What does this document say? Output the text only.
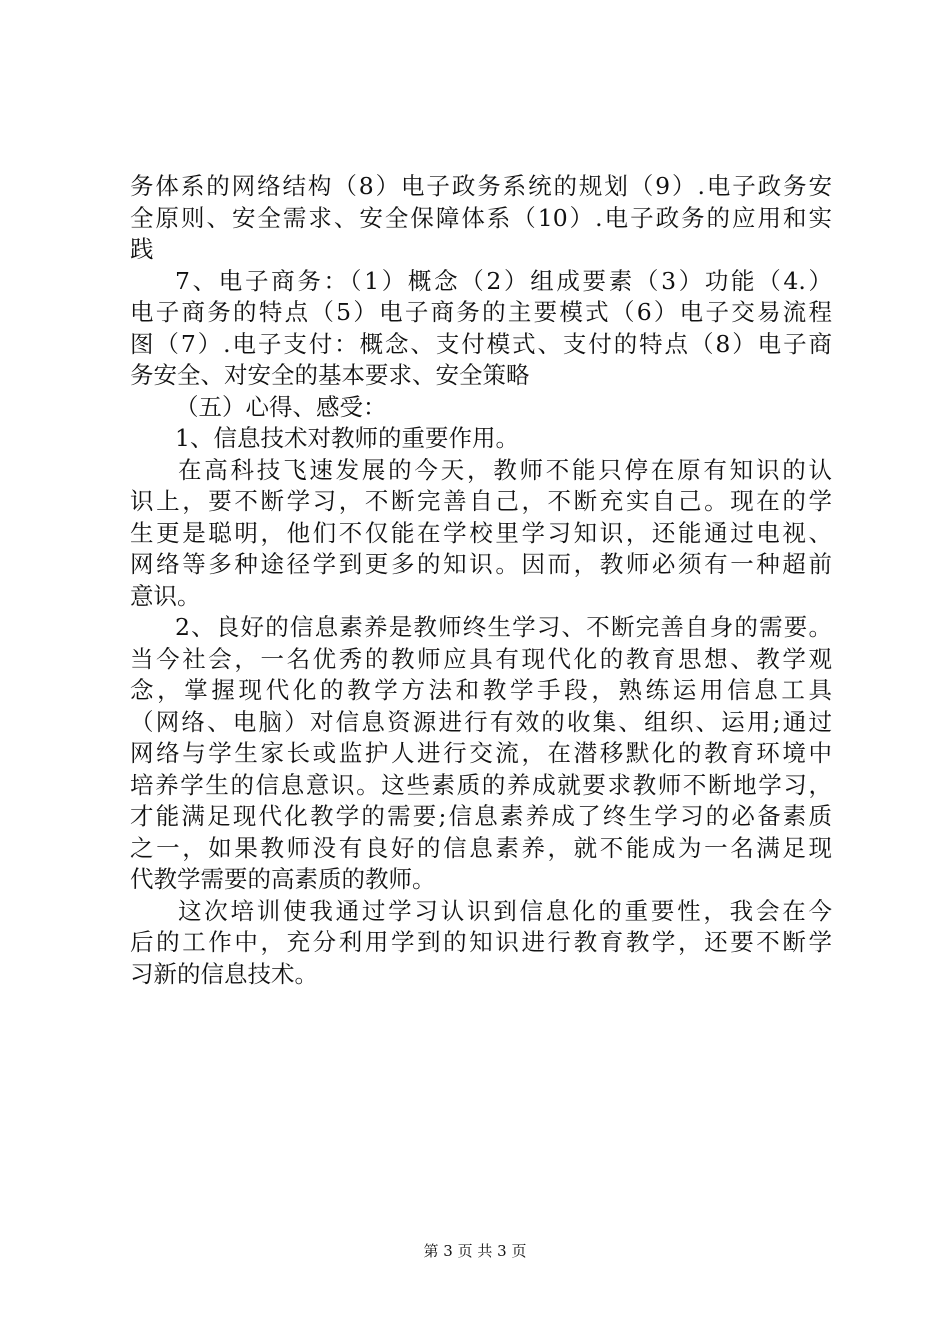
务体系的网络结构（8）电子政务系统的规划（9）.电子政务安
全原则、安全需求、安全保障体系（10）.电子政务的应用和实
践
7、电子商务：（1）概念（2）组成要素（3）功能（4.）
电子商务的特点（5）电子商务的主要模式（6）电子交易流程
图（7）.电子支付：概念、支付模式、支付的特点（8）电子商
务安全、对安全的基本要求、安全策略
（五）心得、感受：
1、信息技术对教师的重要作用。
在高科技飞速发展的今天，教师不能只停在原有知识的认
识上，要不断学习，不断完善自己，不断充实自己。现在的学
生更是聪明，他们不仅能在学校里学习知识，还能通过电视、
网络等多种途径学到更多的知识。因而，教师必须有一种超前
意识。
2、良好的信息素养是教师终生学习、不断完善自身的需要。
当今社会，一名优秀的教师应具有现代化的教育思想、教学观
念，掌握现代化的教学方法和教学手段，熟练运用信息工具
（网络、电脑）对信息资源进行有效的收集、组织、运用;通过
网络与学生家长或监护人进行交流，在潜移默化的教育环境中
培养学生的信息意识。这些素质的养成就要求教师不断地学习，
才能满足现代化教学的需要;信息素养成了终生学习的必备素质
之一，如果教师没有良好的信息素养，就不能成为一名满足现
代教学需要的高素质的教师。
这次培训使我通过学习认识到信息化的重要性，我会在今
后的工作中，充分利用学到的知识进行教育教学，还要不断学
习新的信息技术。
第 3 页 共 3 页
